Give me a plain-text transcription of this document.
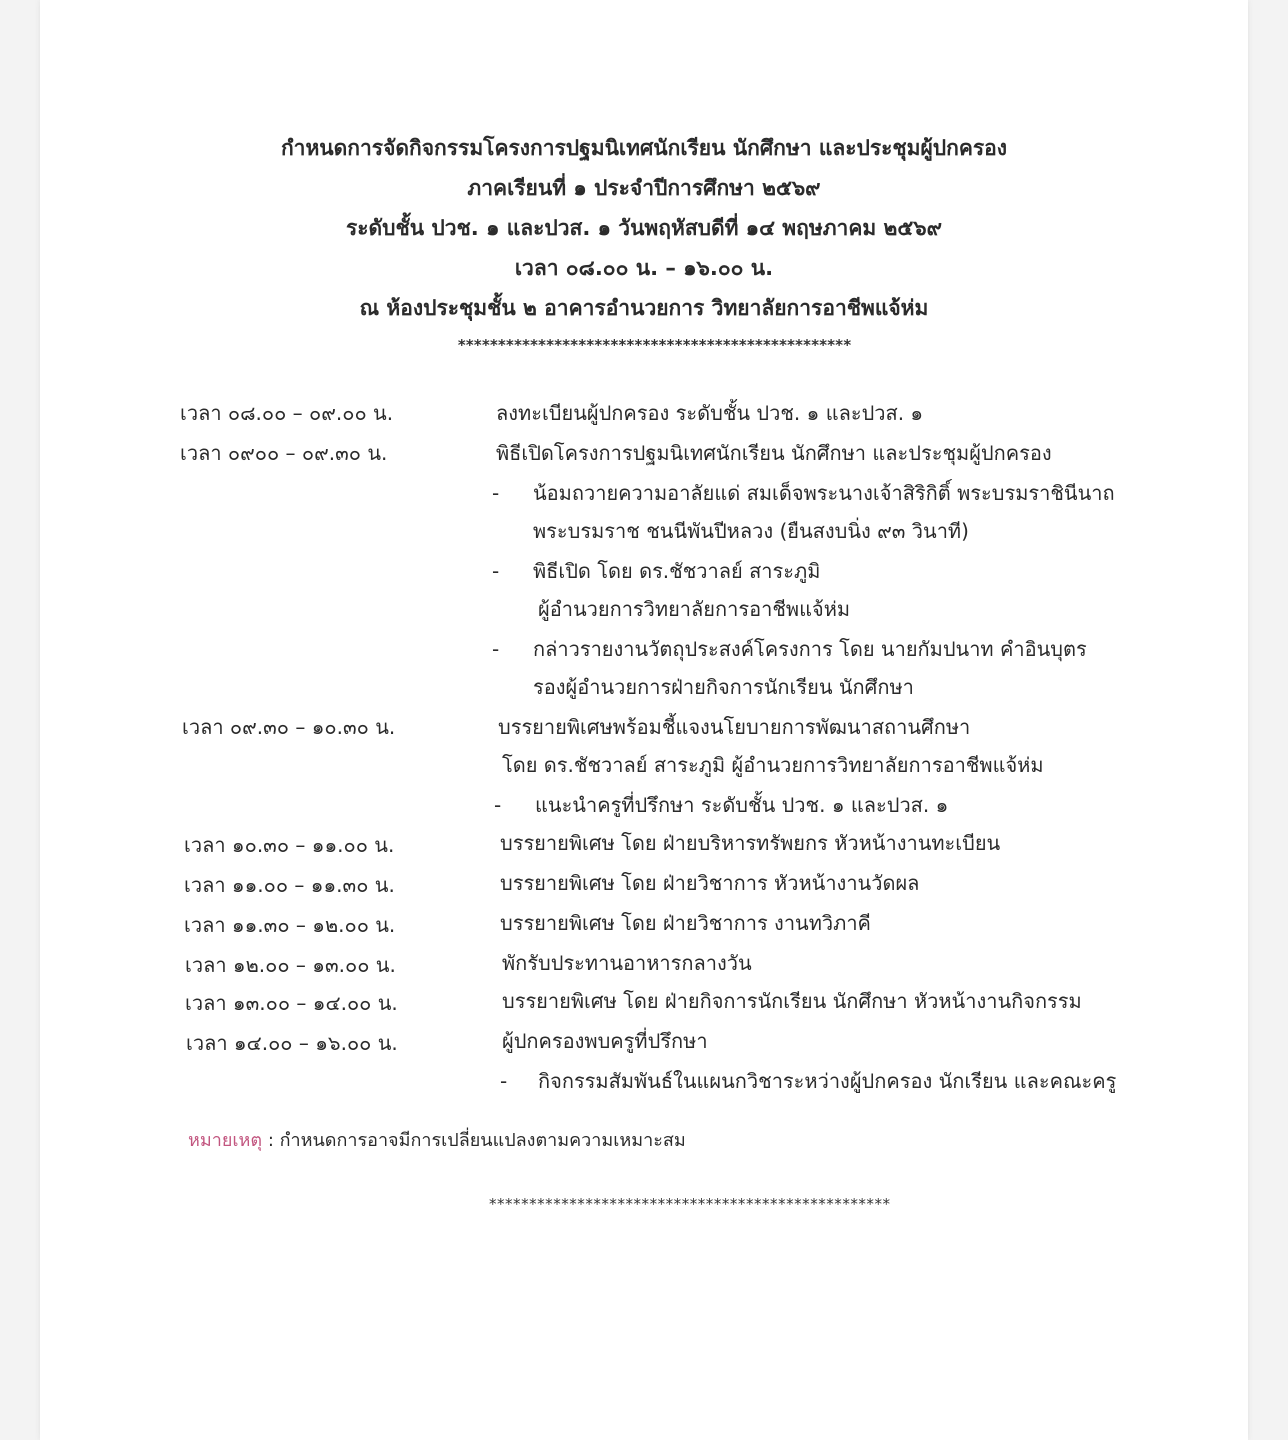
กำหนดการจัดกิจกรรมโครงการปฐมนิเทศนักเรียน นักศึกษา และประชุมผู้ปกครอง
ภาคเรียนที่ ๑ ประจำปีการศึกษา ๒๕๖๙
ระดับชั้น ปวช. ๑ และปวส. ๑ วันพฤหัสบดีที่ ๑๔ พฤษภาคม ๒๕๖๙
เวลา ๐๘.๐๐ น. – ๑๖.๐๐ น.
ณ ห้องประชุมชั้น ๒ อาคารอำนวยการ วิทยาลัยการอาชีพแจ้ห่ม
*************************************************
เวลา ๐๘.๐๐ – ๐๙.๐๐ น.	ลงทะเบียนผู้ปกครอง ระดับชั้น ปวช. ๑ และปวส. ๑
เวลา ๐๙๐๐ – ๐๙.๓๐ น.	พิธีเปิดโครงการปฐมนิเทศนักเรียน นักศึกษา และประชุมผู้ปกครอง
- น้อมถวายความอาลัยแด่ สมเด็จพระนางเจ้าสิริกิติ์ พระบรมราชินีนาถ
พระบรมราช ชนนีพันปีหลวง (ยืนสงบนิ่ง ๙๓ วินาที)
- พิธีเปิด โดย ดร.ชัชวาลย์ สาระภูมิ
ผู้อำนวยการวิทยาลัยการอาชีพแจ้ห่ม
- กล่าวรายงานวัตถุประสงค์โครงการ โดย นายกัมปนาท คำอินบุตร
รองผู้อำนวยการฝ่ายกิจการนักเรียน นักศึกษา
เวลา ๐๙.๓๐ – ๑๐.๓๐ น.	บรรยายพิเศษพร้อมชี้แจงนโยบายการพัฒนาสถานศึกษา
โดย ดร.ชัชวาลย์ สาระภูมิ ผู้อำนวยการวิทยาลัยการอาชีพแจ้ห่ม
- แนะนำครูที่ปรึกษา ระดับชั้น ปวช. ๑ และปวส. ๑
เวลา ๑๐.๓๐ – ๑๑.๐๐ น.	บรรยายพิเศษ โดย ฝ่ายบริหารทรัพยกร หัวหน้างานทะเบียน
เวลา ๑๑.๐๐ – ๑๑.๓๐ น.	บรรยายพิเศษ โดย ฝ่ายวิชาการ หัวหน้างานวัดผล
เวลา ๑๑.๓๐ – ๑๒.๐๐ น.	บรรยายพิเศษ โดย ฝ่ายวิชาการ งานทวิภาคี
เวลา ๑๒.๐๐ – ๑๓.๐๐ น.	พักรับประทานอาหารกลางวัน
เวลา ๑๓.๐๐ – ๑๔.๐๐ น.	บรรยายพิเศษ โดย ฝ่ายกิจการนักเรียน นักศึกษา หัวหน้างานกิจกรรม
เวลา ๑๔.๐๐ – ๑๖.๐๐ น.	ผู้ปกครองพบครูที่ปรึกษา
- กิจกรรมสัมพันธ์ในแผนกวิชาระหว่างผู้ปกครอง นักเรียน และคณะครู
หมายเหตุ : กำหนดการอาจมีการเปลี่ยนแปลงตามความเหมาะสม
**************************************************
